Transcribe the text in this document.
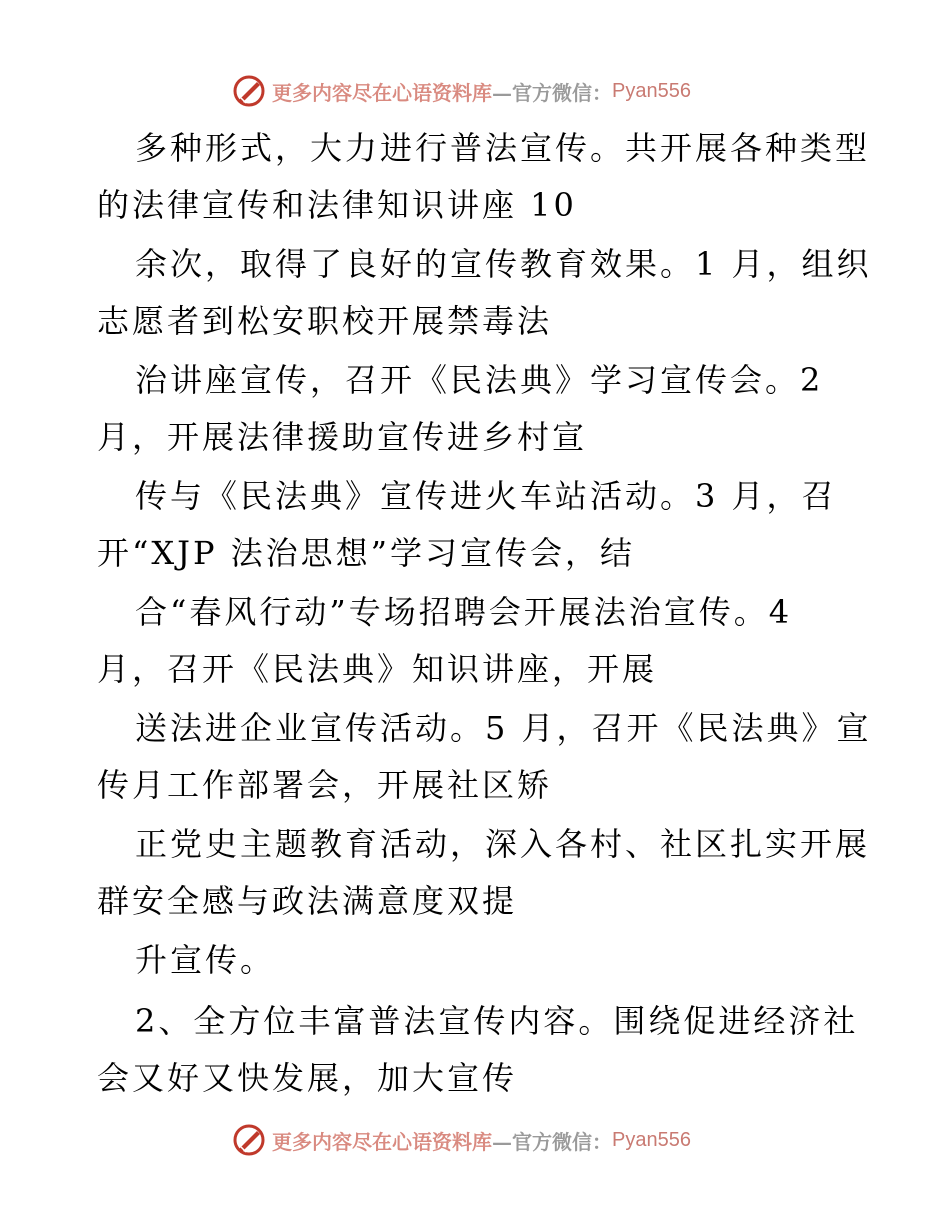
更多内容尽在心语资料库 —官方微信： Pyan556
多种形式，大力进行普法宣传。共开展各种类型
的法律宣传和法律知识讲座 10
余次，取得了良好的宣传教育效果。1 月，组织
志愿者到松安职校开展禁毒法
治讲座宣传，召开《民法典》学习宣传会。2
月，开展法律援助宣传进乡村宣
传与《民法典》宣传进火车站活动。3 月，召
开“XJP 法治思想”学习宣传会，结
合“春风行动”专场招聘会开展法治宣传。4
月，召开《民法典》知识讲座，开展
送法进企业宣传活动。5 月，召开《民法典》宣
传月工作部署会，开展社区矫
正党史主题教育活动，深入各村、社区扎实开展
群安全感与政法满意度双提
升宣传。
2、全方位丰富普法宣传内容。围绕促进经济社
会又好又快发展，加大宣传
更多内容尽在心语资料库 —官方微信： Pyan556
